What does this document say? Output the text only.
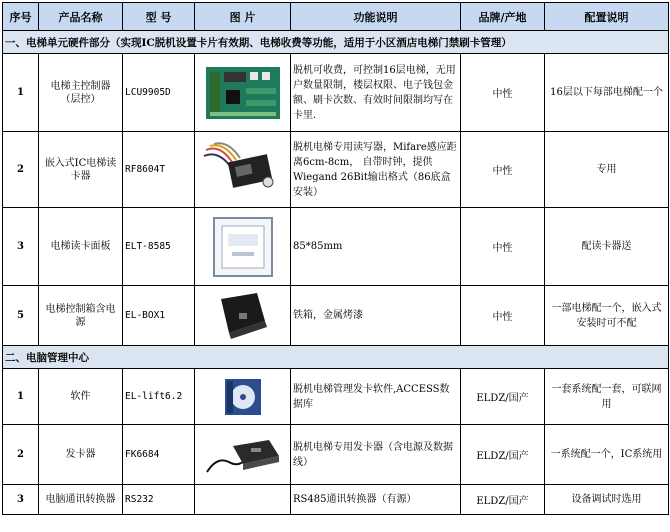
序号	产品名称	型 号	图 片	功能说明	品牌/产地	配置说明
一、电梯单元硬件部分（实现IC脱机设置卡片有效期、电梯收费等功能，适用于小区酒店电梯门禁刷卡管理）						
1	电梯主控制器（层控）	LCU9905D		脱机可收费，可控制16层电梯，无用户数量限制，楼层权限、电子钱包金额、刷卡次数、有效时间限制均写在卡里.	中性	16层以下每部电梯配一个
2	嵌入式IC电梯读卡器	RF8604T		脱机电梯专用读写器，Mifare感应距离6cm-8cm， 自带时钟，提供Wiegand 26Bit输出格式（86底盒安装）	中性	专用
3	电梯读卡面板	ELT-8585		85*85mm	中性	配读卡器送
5	电梯控制箱含电源	EL-BOX1		铁箱，金属烤漆	中性	一部电梯配一个，嵌入式安装时可不配
二、电脑管理中心						
1	软件	EL-lift6.2		脱机电梯管理发卡软件,ACCESS数据库	ELDZ/国产	一套系统配一套，可联网用
2	发卡器	FK6684		脱机电梯专用发卡器（含电源及数据线）	ELDZ/国产	一系统配一个，IC系统用
3	电脑通讯转换器	RS232		RS485通讯转换器（有源）	ELDZ/国产	设备调试时选用
